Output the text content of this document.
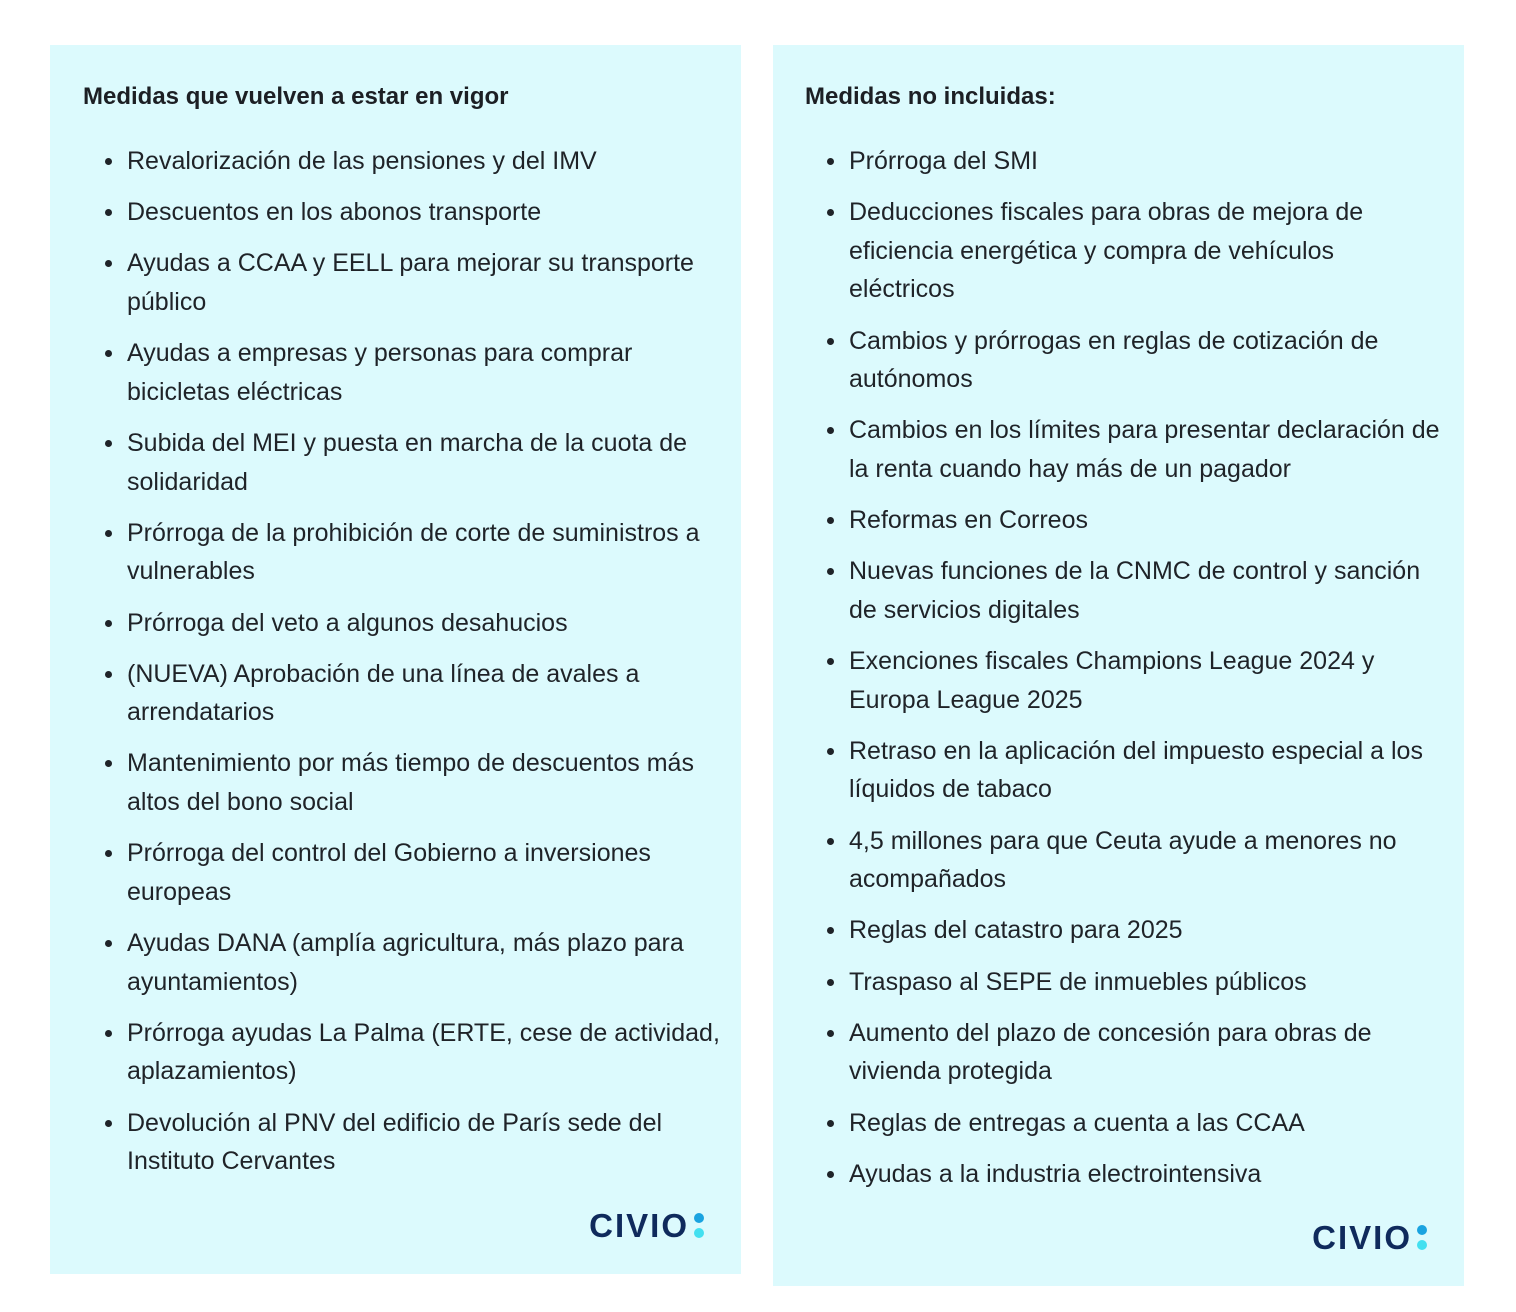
Medidas que vuelven a estar en vigor
Revalorización de las pensiones y del IMV
Descuentos en los abonos transporte
Ayudas a CCAA y EELL para mejorar su transporte público
Ayudas a empresas y personas para comprar bicicletas eléctricas
Subida del MEI y puesta en marcha de la cuota de solidaridad
Prórroga de la prohibición de corte de suministros a vulnerables
Prórroga del veto a algunos desahucios
(NUEVA) Aprobación de una línea de avales a arrendatarios
Mantenimiento por más tiempo de descuentos más altos del bono social
Prórroga del control del Gobierno a inversiones europeas
Ayudas DANA (amplía agricultura, más plazo para ayuntamientos)
Prórroga ayudas La Palma (ERTE, cese de actividad, aplazamientos)
Devolución al PNV del edificio de París sede del Instituto Cervantes
CIVIO
Medidas no incluidas:
Prórroga del SMI
Deducciones fiscales para obras de mejora de eficiencia energética y compra de vehículos eléctricos
Cambios y prórrogas en reglas de cotización de autónomos
Cambios en los límites para presentar declaración de la renta cuando hay más de un pagador
Reformas en Correos
Nuevas funciones de la CNMC de control y sanción de servicios digitales
Exenciones fiscales Champions League 2024 y Europa League 2025
Retraso en la aplicación del impuesto especial a los líquidos de tabaco
4,5 millones para que Ceuta ayude a menores no acompañados
Reglas del catastro para 2025
Traspaso al SEPE de inmuebles públicos
Aumento del plazo de concesión para obras de vivienda protegida
Reglas de entregas a cuenta a las CCAA
Ayudas a la industria electrointensiva
CIVIO
